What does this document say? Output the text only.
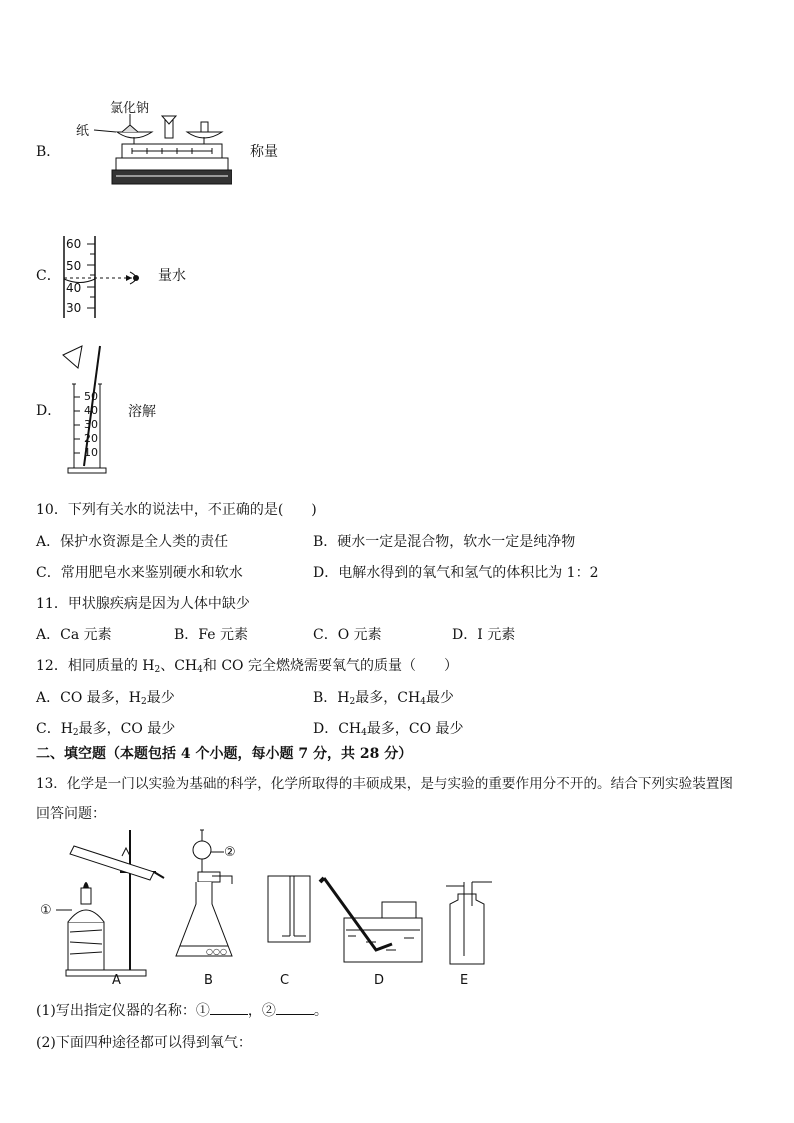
B．
氯化钠
纸
称量
C．
60
50
40
30
量水
D．
50
40
30
20
10
溶解
10．下列有关水的说法中，不正确的是(　　)
A．保护水资源是全人类的责任	B．硬水一定是混合物，软水一定是纯净物
C．常用肥皂水来鉴别硬水和软水	D．电解水得到的氧气和氢气的体积比为 1：2
11．甲状腺疾病是因为人体中缺少
A．Ca 元素	B．Fe 元素	C．O 元素	D．I 元素
12．相同质量的 $H_2$、$CH_4$和 CO 完全燃烧需要氧气的质量（　　）
A．CO 最多，$H_2$最少	B．$H_2$最多，$CH_4$最少
C．$H_2$最多，CO 最少	D．$CH_4$最多，CO 最少
二、填空题（本题包括 4 个小题，每小题 7 分，共 28 分）
13．化学是一门以实验为基础的科学，化学所取得的丰硕成果，是与实验的重要作用分不开的。结合下列实验装置图
回答问题：
①
A
②
○○○
B	C	D	E
(1)写出指定仪器的名称：①	，②	。
(2)下面四种途径都可以得到氧气：
